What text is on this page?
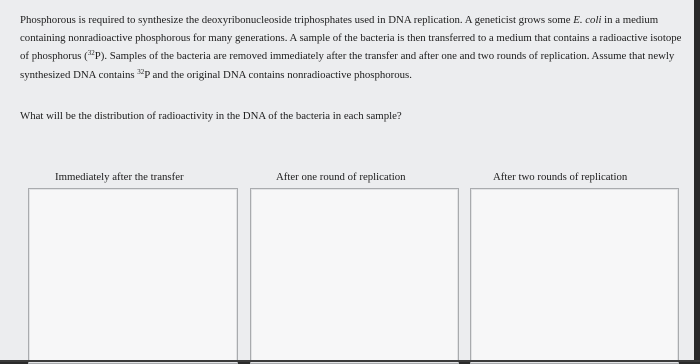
Phosphorous is required to synthesize the deoxyribonucleoside triphosphates used in DNA replication. A geneticist grows some E. coli in a medium containing nonradioactive phosphorous for many generations. A sample of the bacteria is then transferred to a medium that contains a radioactive isotope of phosphorus ($^{32}$P). Samples of the bacteria are removed immediately after the transfer and after one and two rounds of replication. Assume that newly synthesized DNA contains $^{32}$P and the original DNA contains nonradioactive phosphorous.

What will be the distribution of radioactivity in the DNA of the bacteria in each sample?

Immediately after the transfer	After one round of replication	After two rounds of replication
